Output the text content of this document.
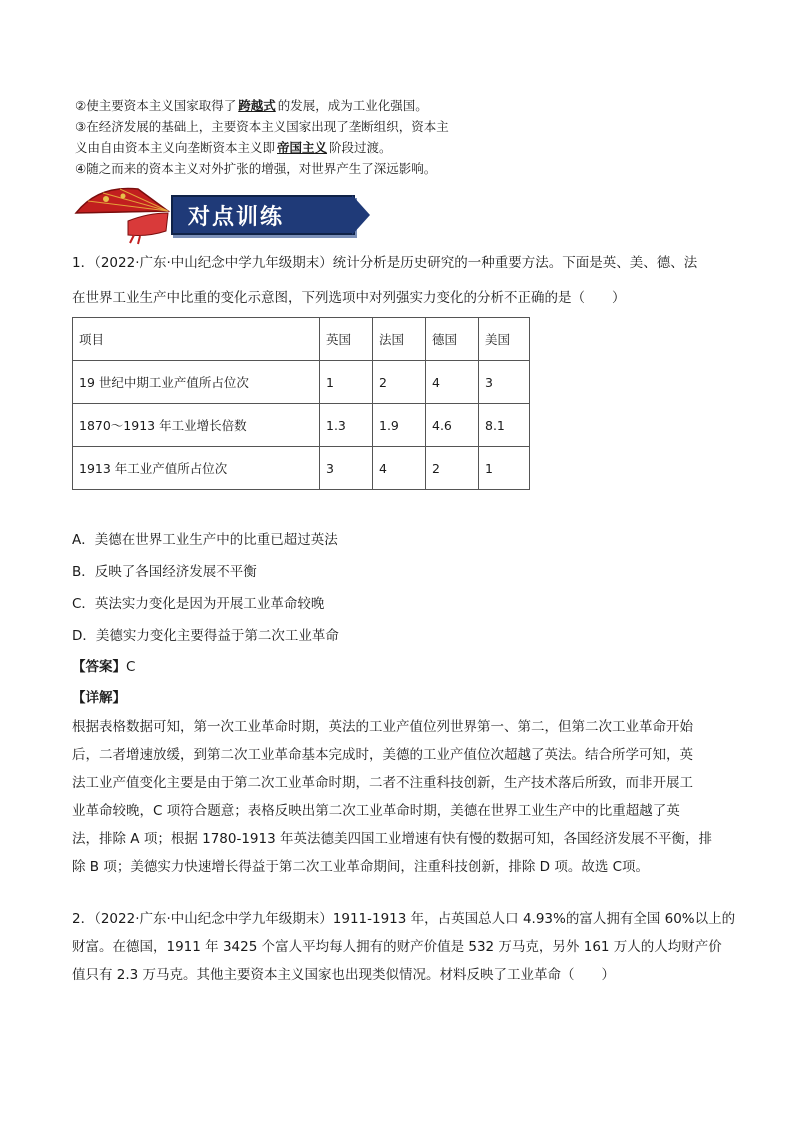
②使主要资本主义国家取得了 跨越式 的发展，成为工业化强国。
③在经济发展的基础上，主要资本主义国家出现了垄断组织，资本主
义由自由资本主义向垄断资本主义即 帝国主义 阶段过渡。
④随之而来的资本主义对外扩张的增强，对世界产生了深远影响。
对点训练
1．（2022·广东·中山纪念中学九年级期末）统计分析是历史研究的一种重要方法。下面是英、美、德、法
在世界工业生产中比重的变化示意图，下列选项中对列强实力变化的分析不正确的是（　　）
项目	英国	法国	德国	美国
19 世纪中期工业产值所占位次	1	2	4	3
1870～1913 年工业增长倍数	1.3	1.9	4.6	8.1
1913 年工业产值所占位次	3	4	2	1
A．美德在世界工业生产中的比重已超过英法
B．反映了各国经济发展不平衡
C．英法实力变化是因为开展工业革命较晚
D．美德实力变化主要得益于第二次工业革命
【答案】C
【详解】
根据表格数据可知，第一次工业革命时期，英法的工业产值位列世界第一、第二，但第二次工业革命开始
后，二者增速放缓，到第二次工业革命基本完成时，美德的工业产值位次超越了英法。结合所学可知，英
法工业产值变化主要是由于第二次工业革命时期，二者不注重科技创新，生产技术落后所致，而非开展工
业革命较晚，C 项符合题意；表格反映出第二次工业革命时期，美德在世界工业生产中的比重超越了英
法，排除 A 项；根据 1780-1913 年英法德美四国工业增速有快有慢的数据可知，各国经济发展不平衡，排
除 B 项；美德实力快速增长得益于第二次工业革命期间，注重科技创新，排除 D 项。故选 C项。
2．（2022·广东·中山纪念中学九年级期末）1911-1913 年，占英国总人口 4.93%的富人拥有全国 60%以上的
财富。在德国，1911 年 3425 个富人平均每人拥有的财产价值是 532 万马克，另外 161 万人的人均财产价
值只有 2.3 万马克。其他主要资本主义国家也出现类似情况。材料反映了工业革命（　　）
